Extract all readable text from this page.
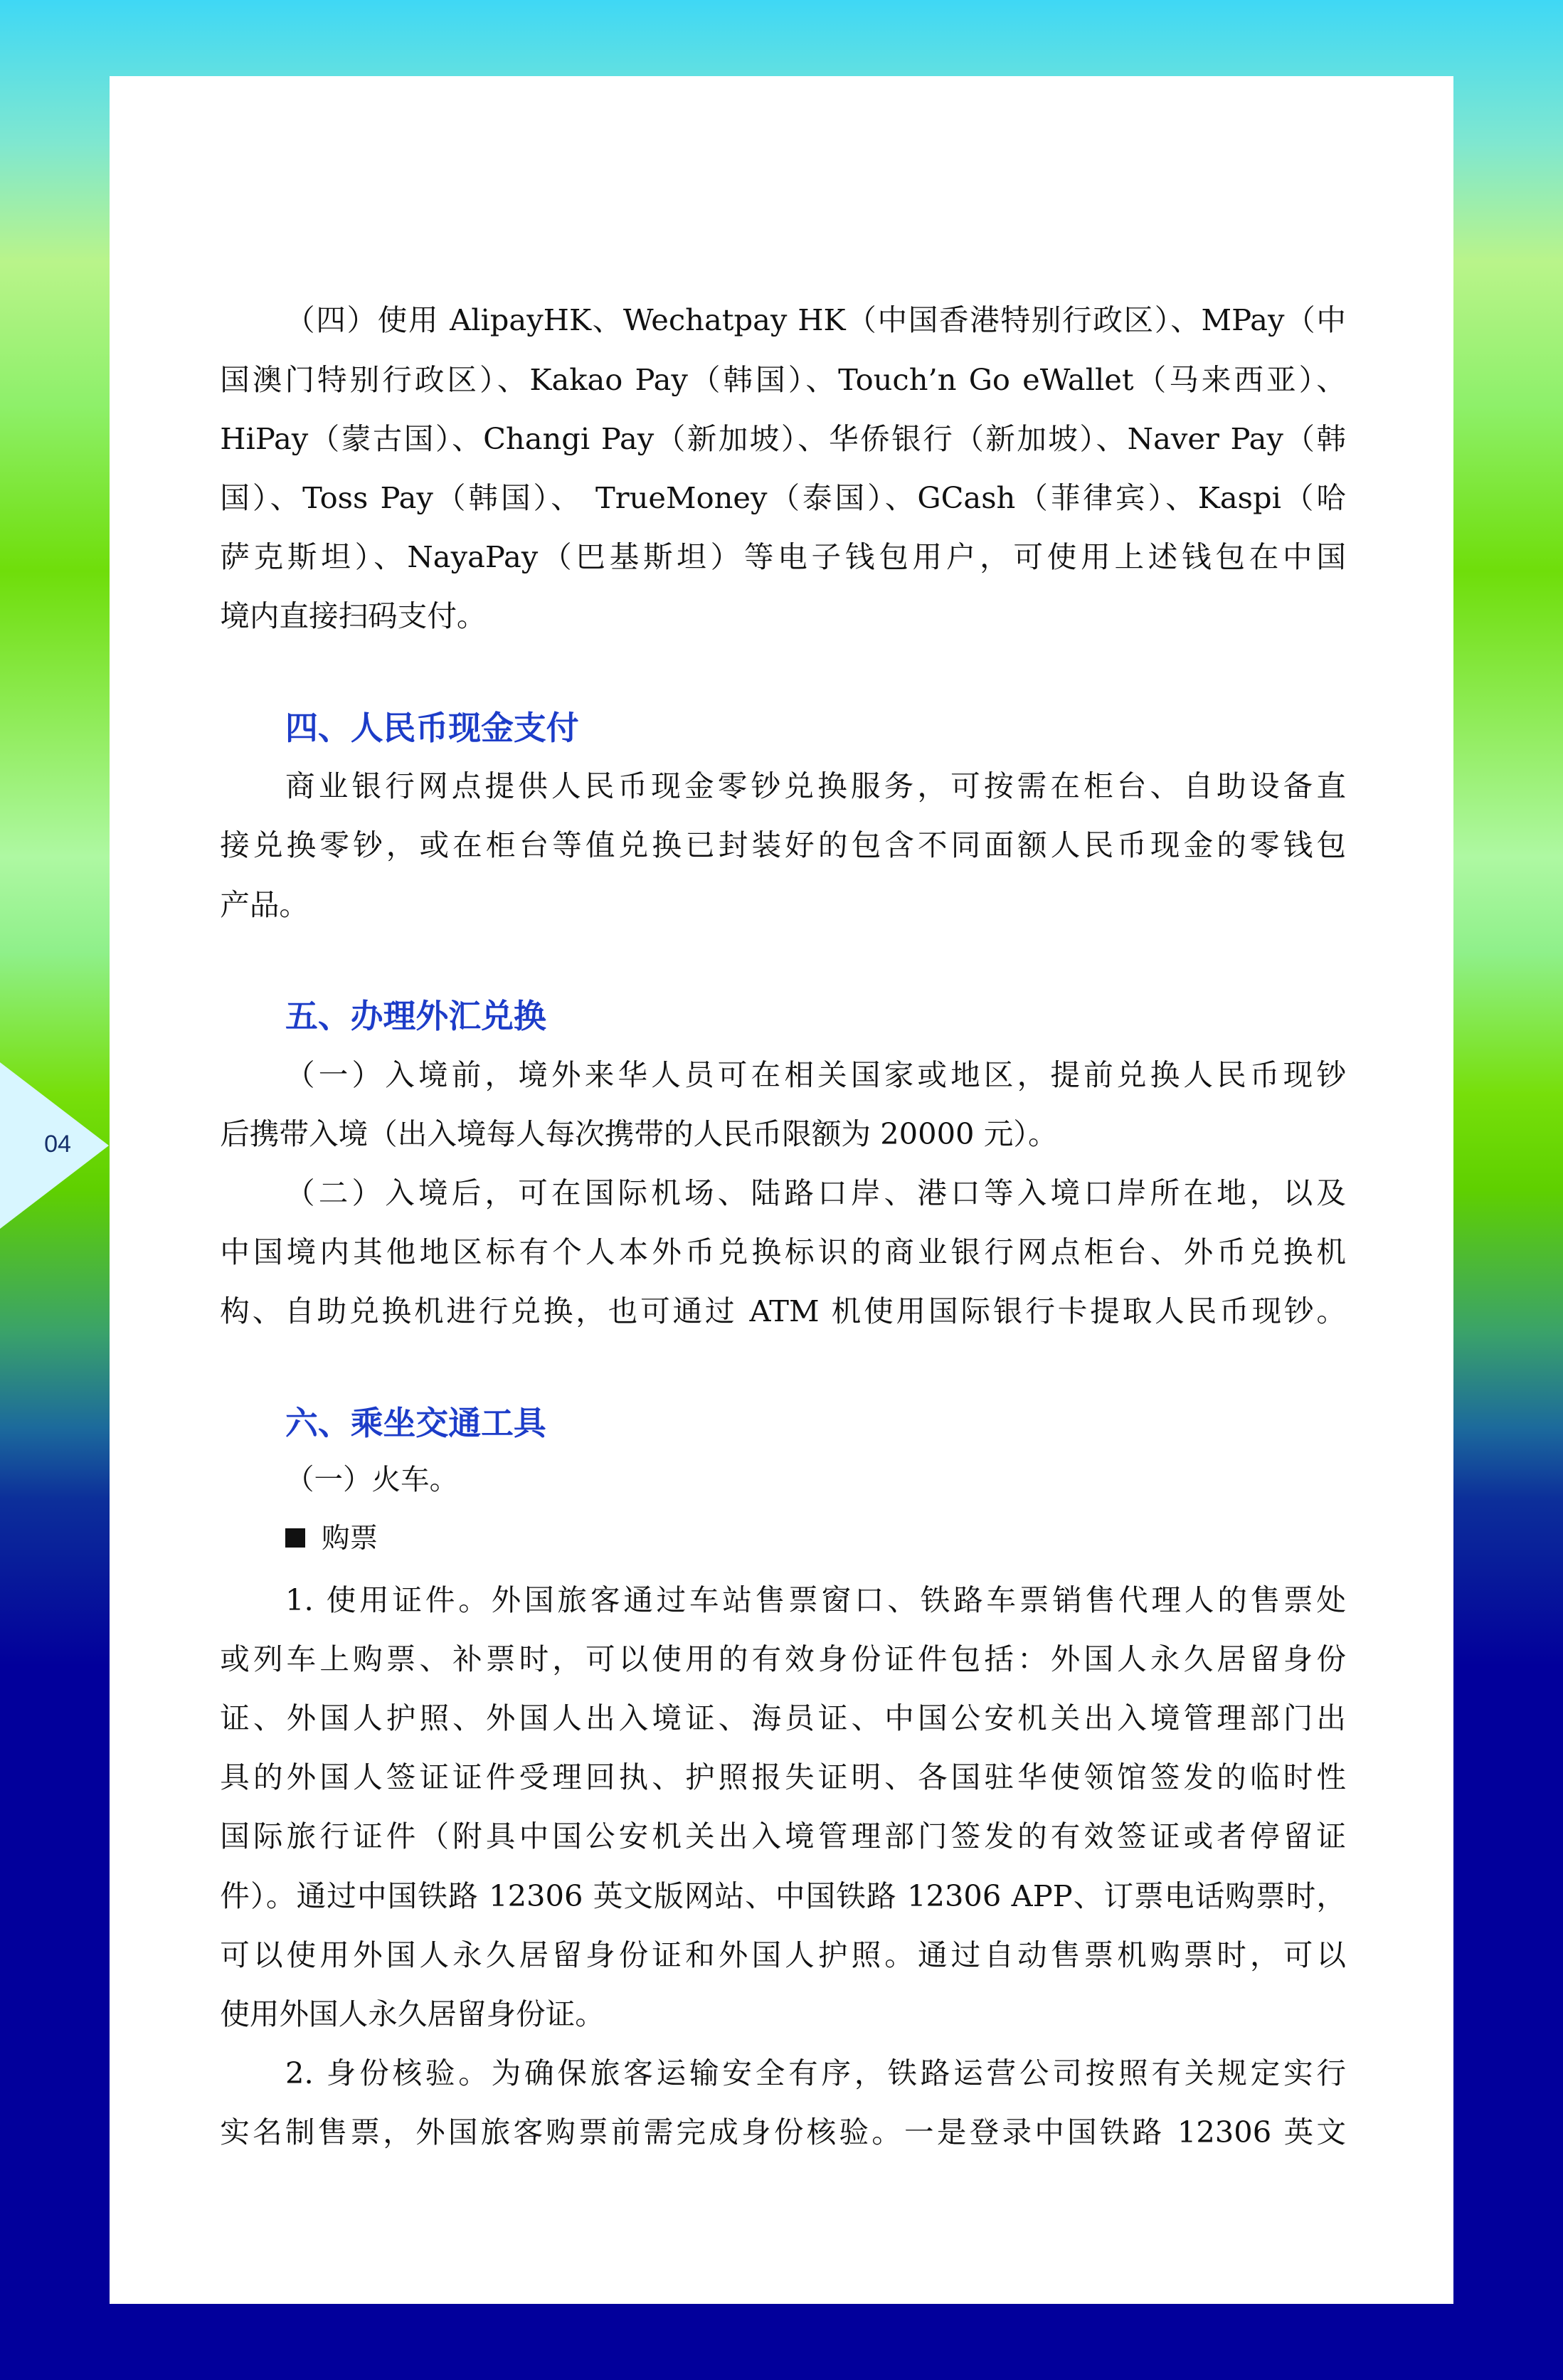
04

（四）使用 AlipayHK、Wechatpay HK（中国香港特别行政区）、MPay（中

国澳门特别行政区）、Kakao Pay（韩国）、Touch’n Go eWallet（马来西亚）、

HiPay（蒙古国）、Changi Pay（新加坡）、华侨银行（新加坡）、Naver Pay（韩

国）、Toss Pay（韩国）、 TrueMoney（泰国）、GCash（菲律宾）、Kaspi（哈

萨克斯坦）、NayaPay（巴基斯坦）等电子钱包用户，可使用上述钱包在中国

境内直接扫码支付。

四、人民币现金支付

商业银行网点提供人民币现金零钞兑换服务，可按需在柜台、自助设备直

接兑换零钞，或在柜台等值兑换已封装好的包含不同面额人民币现金的零钱包

产品。

五、办理外汇兑换

（一）入境前，境外来华人员可在相关国家或地区，提前兑换人民币现钞

后携带入境（出入境每人每次携带的人民币限额为 20000 元）。

（二）入境后，可在国际机场、陆路口岸、港口等入境口岸所在地，以及

中国境内其他地区标有个人本外币兑换标识的商业银行网点柜台、外币兑换机

构、自助兑换机进行兑换，也可通过 ATM 机使用国际银行卡提取人民币现钞。

六、乘坐交通工具

（一）火车。

购票

1. 使用证件。外国旅客通过车站售票窗口、铁路车票销售代理人的售票处

或列车上购票、补票时，可以使用的有效身份证件包括：外国人永久居留身份

证、外国人护照、外国人出入境证、海员证、中国公安机关出入境管理部门出

具的外国人签证证件受理回执、护照报失证明、各国驻华使领馆签发的临时性

国际旅行证件（附具中国公安机关出入境管理部门签发的有效签证或者停留证

件）。通过中国铁路 12306 英文版网站、中国铁路 12306 APP、订票电话购票时，

可以使用外国人永久居留身份证和外国人护照。通过自动售票机购票时，可以

使用外国人永久居留身份证。

2. 身份核验。为确保旅客运输安全有序，铁路运营公司按照有关规定实行

实名制售票，外国旅客购票前需完成身份核验。一是登录中国铁路 12306 英文
